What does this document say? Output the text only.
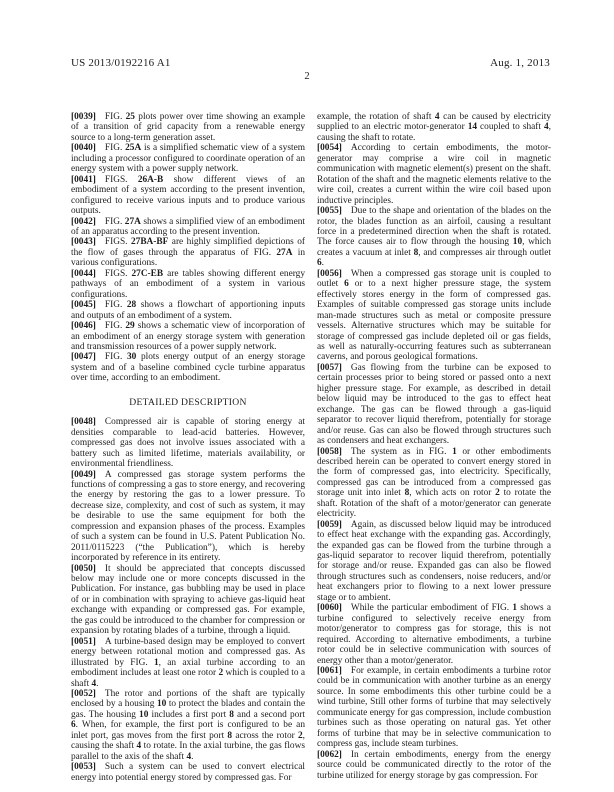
US 2013/0192216 A1	Aug. 1, 2013
2

[0039] FIG. 25 plots power over time showing an example of a transition of grid capacity from a renewable energy source to a long-term generation asset.

[0040] FIG. 25A is a simplified schematic view of a system including a processor configured to coordinate operation of an energy system with a power supply network.

[0041] FIGS. 26A-B show different views of an embodiment of a system according to the present invention, configured to receive various inputs and to produce various outputs.

[0042] FIG. 27A shows a simplified view of an embodiment of an apparatus according to the present invention.

[0043] FIGS. 27BA-BF are highly simplified depictions of the flow of gases through the apparatus of FIG. 27A in various configurations.

[0044] FIGS. 27C-EB are tables showing different energy pathways of an embodiment of a system in various configurations.

[0045] FIG. 28 shows a flowchart of apportioning inputs and outputs of an embodiment of a system.

[0046] FIG. 29 shows a schematic view of incorporation of an embodiment of an energy storage system with generation and transmission resources of a power supply network.

[0047] FIG. 30 plots energy output of an energy storage system and of a baseline combined cycle turbine apparatus over time, according to an embodiment.

DETAILED DESCRIPTION

[0048] Compressed air is capable of storing energy at densities comparable to lead-acid batteries. However, compressed gas does not involve issues associated with a battery such as limited lifetime, materials availability, or environmental friendliness.

[0049] A compressed gas storage system performs the functions of compressing a gas to store energy, and recovering the energy by restoring the gas to a lower pressure. To decrease size, complexity, and cost of such as system, it may be desirable to use the same equipment for both the compression and expansion phases of the process. Examples of such a system can be found in U.S. Patent Publication No. 2011/0115223 (“the Publication”), which is hereby incorporated by reference in its entirety.

[0050] It should be appreciated that concepts discussed below may include one or more concepts discussed in the Publication. For instance, gas bubbling may be used in place of or in combination with spraying to achieve gas-liquid heat exchange with expanding or compressed gas. For example, the gas could be introduced to the chamber for compression or expansion by rotating blades of a turbine, through a liquid.

[0051] A turbine-based design may be employed to convert energy between rotational motion and compressed gas. As illustrated by FIG. 1, an axial turbine according to an embodiment includes at least one rotor 2 which is coupled to a shaft 4.

[0052] The rotor and portions of the shaft are typically enclosed by a housing 10 to protect the blades and contain the gas. The housing 10 includes a first port 8 and a second port 6. When, for example, the first port is configured to be an inlet port, gas moves from the first port 8 across the rotor 2, causing the shaft 4 to rotate. In the axial turbine, the gas flows parallel to the axis of the shaft 4.

[0053] Such a system can be used to convert electrical energy into potential energy stored by compressed gas. For

example, the rotation of shaft 4 can be caused by electricity supplied to an electric motor-generator 14 coupled to shaft 4, causing the shaft to rotate.

[0054] According to certain embodiments, the motor-generator may comprise a wire coil in magnetic communication with magnetic element(s) present on the shaft. Rotation of the shaft and the magnetic elements relative to the wire coil, creates a current within the wire coil based upon inductive principles.

[0055] Due to the shape and orientation of the blades on the rotor, the blades function as an airfoil, causing a resultant force in a predetermined direction when the shaft is rotated. The force causes air to flow through the housing 10, which creates a vacuum at inlet 8, and compresses air through outlet 6.

[0056] When a compressed gas storage unit is coupled to outlet 6 or to a next higher pressure stage, the system effectively stores energy in the form of compressed gas. Examples of suitable compressed gas storage units include man-made structures such as metal or composite pressure vessels. Alternative structures which may be suitable for storage of compressed gas include depleted oil or gas fields, as well as naturally-occurring features such as subterranean caverns, and porous geological formations.

[0057] Gas flowing from the turbine can be exposed to certain processes prior to being stored or passed onto a next higher pressure stage. For example, as described in detail below liquid may be introduced to the gas to effect heat exchange. The gas can be flowed through a gas-liquid separator to recover liquid therefrom, potentially for storage and/or reuse. Gas can also be flowed through structures such as condensers and heat exchangers.

[0058] The system as in FIG. 1 or other embodiments described herein can be operated to convert energy stored in the form of compressed gas, into electricity. Specifically, compressed gas can be introduced from a compressed gas storage unit into inlet 8, which acts on rotor 2 to rotate the shaft. Rotation of the shaft of a motor/generator can generate electricity.

[0059] Again, as discussed below liquid may be introduced to effect heat exchange with the expanding gas. Accordingly, the expanded gas can be flowed from the turbine through a gas-liquid separator to recover liquid therefrom, potentially for storage and/or reuse. Expanded gas can also be flowed through structures such as condensers, noise reducers, and/or heat exchangers prior to flowing to a next lower pressure stage or to ambient.

[0060] While the particular embodiment of FIG. 1 shows a turbine configured to selectively receive energy from motor/generator to compress gas for storage, this is not required. According to alternative embodiments, a turbine rotor could be in selective communication with sources of energy other than a motor/generator.

[0061] For example, in certain embodiments a turbine rotor could be in communication with another turbine as an energy source. In some embodiments this other turbine could be a wind turbine, Still other forms of turbine that may selectively communicate energy for gas compression, include combustion turbines such as those operating on natural gas. Yet other forms of turbine that may be in selective communication to compress gas, include steam turbines.

[0062] In certain embodiments, energy from the energy source could be communicated directly to the rotor of the turbine utilized for energy storage by gas compression. For
